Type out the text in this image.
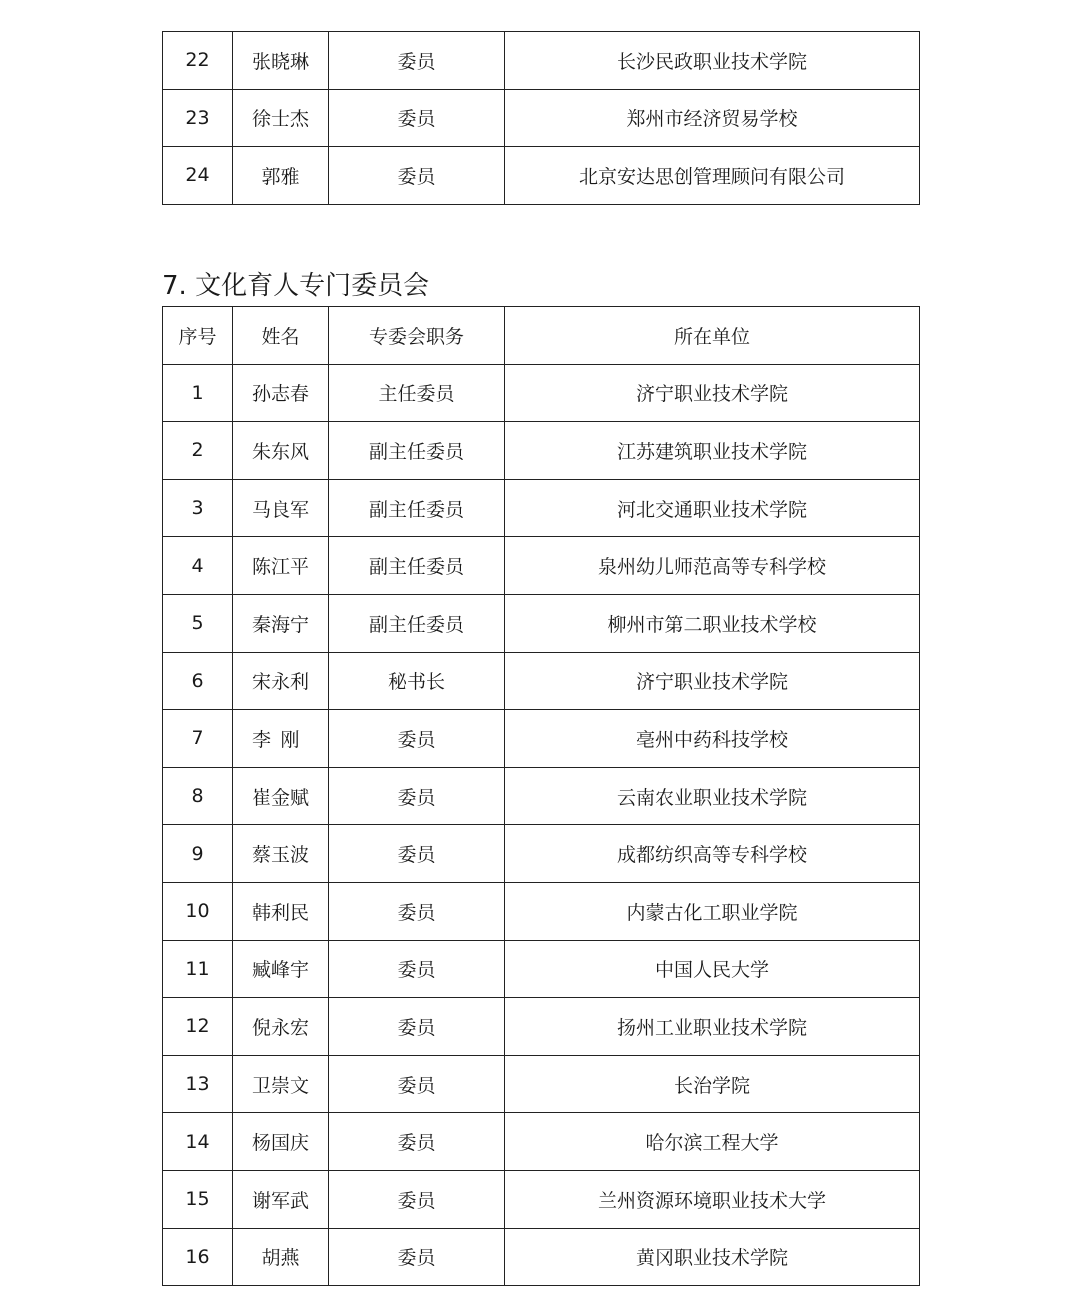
22	张晓琳	委员	长沙民政职业技术学院
23	徐士杰	委员	郑州市经济贸易学校
24	郭雅	委员	北京安达思创管理顾问有限公司
7. 文化育人专门委员会
序号	姓名	专委会职务	所在单位
1	孙志春	主任委员	济宁职业技术学院
2	朱东风	副主任委员	江苏建筑职业技术学院
3	马良军	副主任委员	河北交通职业技术学院
4	陈江平	副主任委员	泉州幼儿师范高等专科学校
5	秦海宁	副主任委员	柳州市第二职业技术学校
6	宋永利	秘书长	济宁职业技术学院
7	李刚	委员	亳州中药科技学校
8	崔金赋	委员	云南农业职业技术学院
9	蔡玉波	委员	成都纺织高等专科学校
10	韩利民	委员	内蒙古化工职业学院
11	臧峰宇	委员	中国人民大学
12	倪永宏	委员	扬州工业职业技术学院
13	卫崇文	委员	长治学院
14	杨国庆	委员	哈尔滨工程大学
15	谢军武	委员	兰州资源环境职业技术大学
16	胡燕	委员	黄冈职业技术学院
